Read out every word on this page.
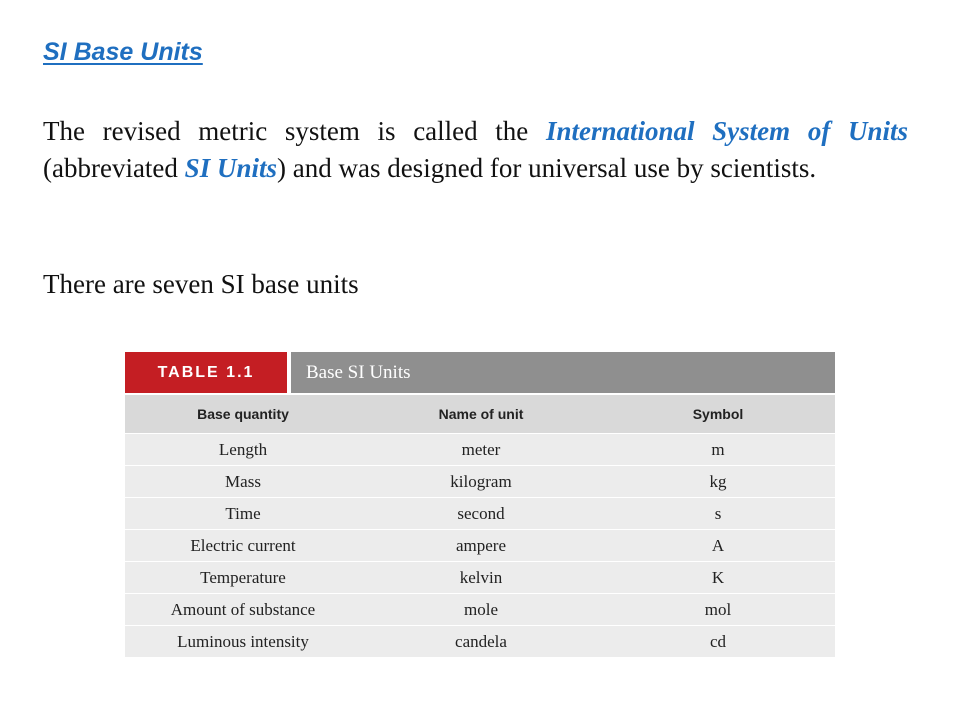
SI Base Units

The revised metric system is called the International System of Units (abbreviated SI Units) and was designed for universal use by scientists.

There are seven SI base units

TABLE 1.1	Base SI Units
Base quantity	Name of unit	Symbol
Length	meter	m
Mass	kilogram	kg
Time	second	s
Electric current	ampere	A
Temperature	kelvin	K
Amount of substance	mole	mol
Luminous intensity	candela	cd
